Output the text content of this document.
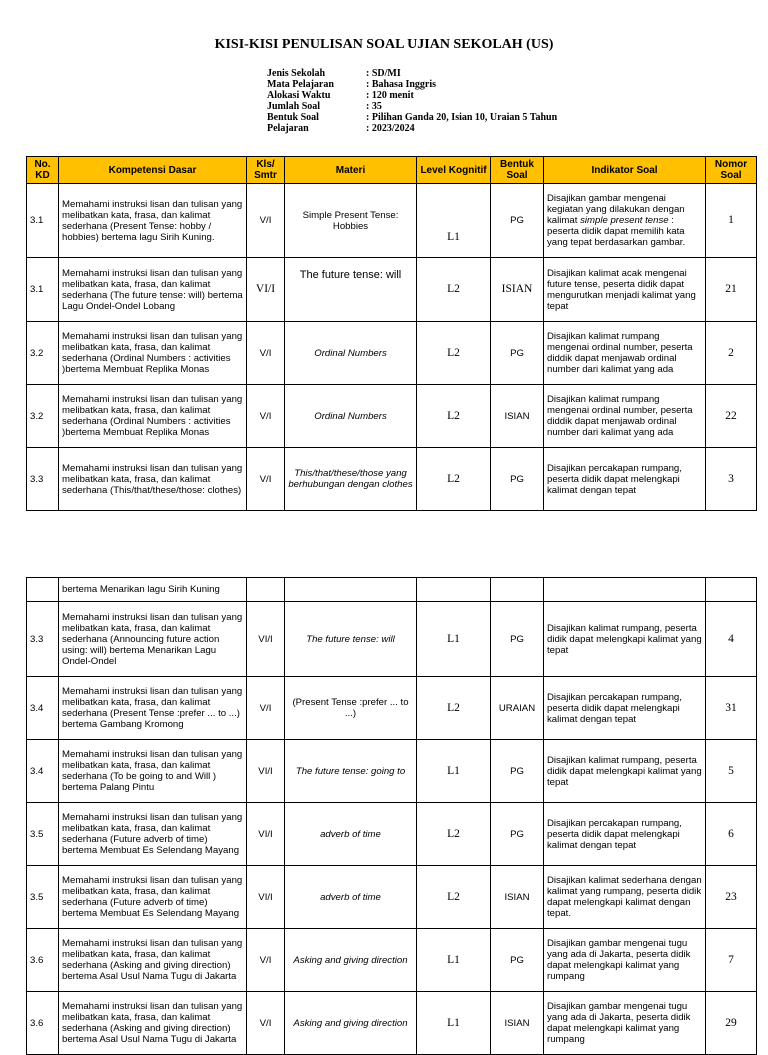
KISI-KISI PENULISAN SOAL UJIAN SEKOLAH (US)
Jenis Sekolah	: SD/MI
Mata Pelajaran	: Bahasa Inggris
Alokasi Waktu	: 120 menit
Jumlah Soal	: 35
Bentuk Soal	: Pilihan Ganda 20, Isian 10, Uraian 5 Tahun
Pelajaran	: 2023/2024
No. KD	Kompetensi Dasar	Kls/ Smtr	Materi	Level Kognitif	Bentuk Soal	Indikator Soal	Nomor Soal
3.1	Memahami instruksi lisan dan tulisan yang melibatkan kata, frasa, dan kalimat sederhana (Present Tense: hobby / hobbies) bertema lagu Sirih Kuning.	V/I	Simple Present Tense: Hobbies	L1	PG	Disajikan gambar mengenai kegiatan yang dilakukan dengan kalimat simple present tense : peserta didik dapat memilih kata yang tepat berdasarkan gambar.	1
3.1	Memahami instruksi lisan dan tulisan yang melibatkan kata, frasa, dan kalimat sederhana (The future tense: will) bertema Lagu Ondel-Ondel Lobang	VI/I	The future tense: will	L2	ISIAN	Disajikan kalimat acak mengenai future tense, peserta didik dapat mengurutkan menjadi kalimat yang tepat	21
3.2	Memahami instruksi lisan dan tulisan yang melibatkan kata, frasa, dan kalimat sederhana (Ordinal Numbers : activities )bertema Membuat Replika Monas	V/I	Ordinal Numbers	L2	PG	Disajikan kalimat rumpang mengenai ordinal number, peserta diddik dapat menjawab ordinal number dari kalimat yang ada	2
3.2	Memahami instruksi lisan dan tulisan yang melibatkan kata, frasa, dan kalimat sederhana (Ordinal Numbers : activities )bertema Membuat Replika Monas	V/I	Ordinal Numbers	L2	ISIAN	Disajikan kalimat rumpang mengenai ordinal number, peserta diddik dapat menjawab ordinal number dari kalimat yang ada	22
3.3	Memahami instruksi lisan dan tulisan yang melibatkan kata, frasa, dan kalimat sederhana (This/that/these/those: clothes)	V/I	This/that/these/those yang berhubungan dengan clothes	L2	PG	Disajikan percakapan rumpang, peserta didik dapat melengkapi kalimat dengan tepat	3
	bertema Menarikan lagu Sirih Kuning						
3.3	Memahami instruksi lisan dan tulisan yang melibatkan kata, frasa, dan kalimat sederhana (Announcing future action using: will) bertema Menarikan Lagu Ondel-Ondel	VI/I	The future tense: will	L1	PG	Disajikan kalimat rumpang, peserta didik dapat melengkapi kalimat yang tepat	4
3.4	Memahami instruksi lisan dan tulisan yang melibatkan kata, frasa, dan kalimat sederhana (Present Tense :prefer ... to ...) bertema Gambang Kromong	V/I	(Present Tense :prefer ... to ...)	L2	URAIAN	Disajikan percakapan rumpang, peserta didik dapat melengkapi kalimat dengan tepat	31
3.4	Memahami instruksi lisan dan tulisan yang melibatkan kata, frasa, dan kalimat sederhana (To be going to and Will ) bertema Palang Pintu	VI/I	The future tense: going to	L1	PG	Disajikan kalimat rumpang, peserta didik dapat melengkapi kalimat yang tepat	5
3.5	Memahami instruksi lisan dan tulisan yang melibatkan kata, frasa, dan kalimat sederhana (Future adverb of time) bertema Membuat Es Selendang Mayang	VI/I	adverb of time	L2	PG	Disajikan percakapan rumpang, peserta didik dapat melengkapi kalimat dengan tepat	6
3.5	Memahami instruksi lisan dan tulisan yang melibatkan kata, frasa, dan kalimat sederhana (Future adverb of time) bertema Membuat Es Selendang Mayang	VI/I	adverb of time	L2	ISIAN	Disajikan kalimat sederhana dengan kalimat yang rumpang, peserta didik dapat melengkapi kalimat dengan tepat.	23
3.6	Memahami instruksi lisan dan tulisan yang melibatkan kata, frasa, dan kalimat sederhana (Asking and giving direction) bertema Asal Usul Nama Tugu di Jakarta	V/I	Asking and giving direction	L1	PG	Disajikan gambar mengenai tugu yang ada di Jakarta, peserta didik dapat melengkapi kalimat yang rumpang	7
3.6	Memahami instruksi lisan dan tulisan yang melibatkan kata, frasa, dan kalimat sederhana (Asking and giving direction) bertema Asal Usul Nama Tugu di Jakarta	V/I	Asking and giving direction	L1	ISIAN	Disajikan gambar mengenai tugu yang ada di Jakarta, peserta didik dapat melengkapi kalimat yang rumpang	29
